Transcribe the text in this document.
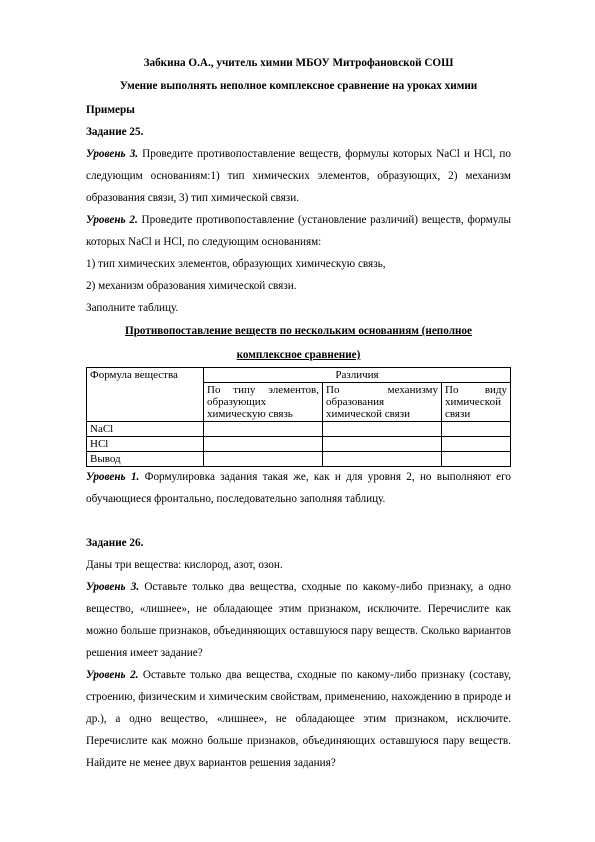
Забкина О.А., учитель химии МБОУ Митрофановской СОШ

Умение выполнять неполное комплексное сравнение на уроках химии

Примеры

Задание 25.

Уровень 3. Проведите противопоставление веществ, формулы которых NaCl и HCl, по следующим основаниям:1) тип химических элементов, образующих, 2) механизм образования связи, 3) тип химической связи.

Уровень 2. Проведите противопоставление (установление различий) веществ, формулы которых NaCl и HCl, по следующим основаниям:

1) тип химических элементов, образующих химическую связь,

2) механизм образования химической связи.

Заполните таблицу.

Противопоставление веществ по нескольким основаниям (неполное комплексное сравнение)

Формула вещества	Различия		
	По типу элементов, образующих химическую связь	По механизму образования химической связи	По виду химической связи
NaCl			
HCl			
Вывод			

Уровень 1. Формулировка задания такая же, как и для уровня 2, но выполняют его обучающиеся фронтально, последовательно заполняя таблицу.

Задание 26.

Даны три вещества: кислород, азот, озон.

Уровень 3. Оставьте только два вещества, сходные по какому-либо признаку, а одно вещество, «лишнее», не обладающее этим признаком, исключите. Перечислите как можно больше признаков, объединяющих оставшуюся пару веществ. Сколько вариантов решения имеет задание?

Уровень 2. Оставьте только два вещества, сходные по какому-либо признаку (составу, строению, физическим и химическим свойствам, применению, нахождению в природе и др.), а одно вещество, «лишнее», не обладающее этим признаком, исключите. Перечислите как можно больше признаков, объединяющих оставшуюся пару веществ. Найдите не менее двух вариантов решения задания?
